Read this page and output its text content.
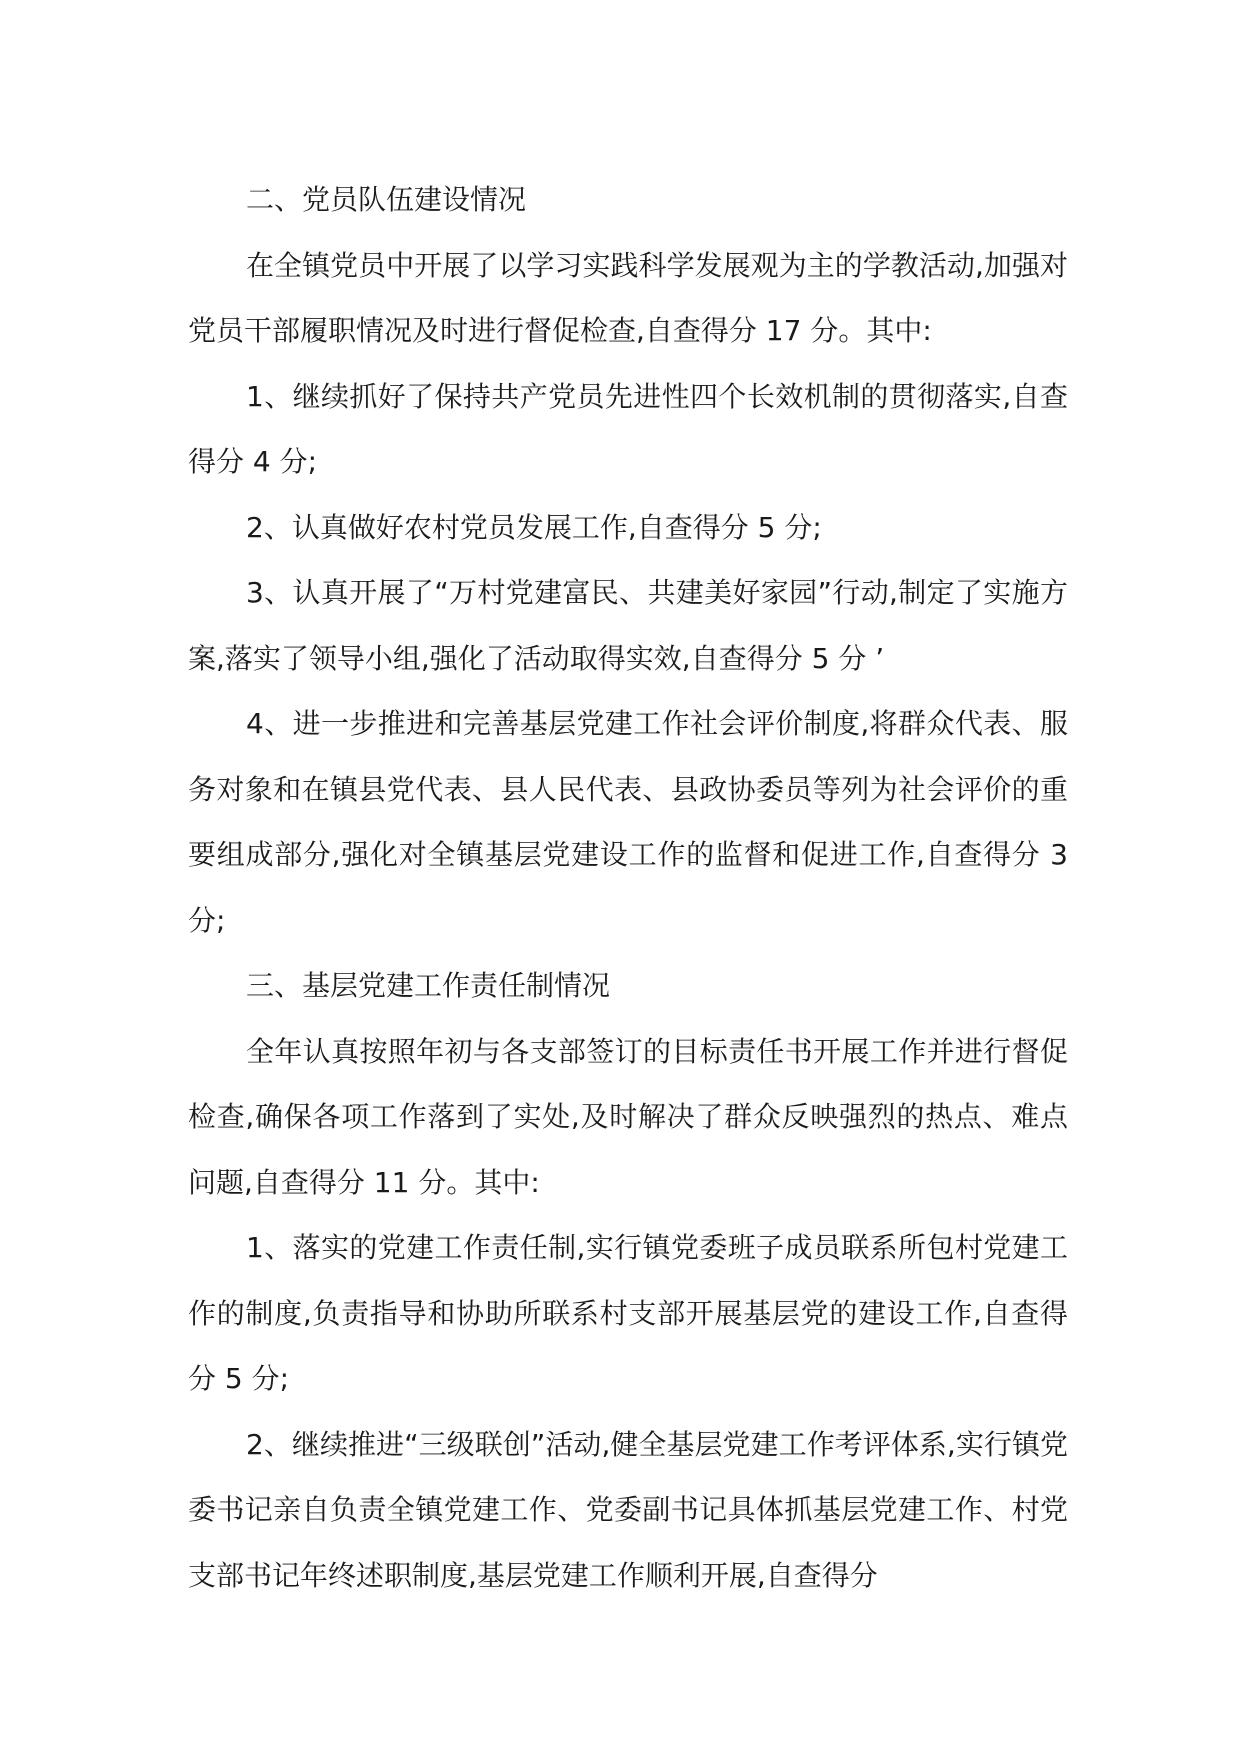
二、党员队伍建设情况

在全镇党员中开展了以学习实践科学发展观为主的学教活动,加强对党员干部履职情况及时进行督促检查,自查得分 17 分。其中:

1、继续抓好了保持共产党员先进性四个长效机制的贯彻落实,自查得分 4 分;

2、认真做好农村党员发展工作,自查得分 5 分;

3、认真开展了“万村党建富民、共建美好家园”行动,制定了实施方案,落实了领导小组,强化了活动取得实效,自查得分 5 分 ’

4、进一步推进和完善基层党建工作社会评价制度,将群众代表、服务对象和在镇县党代表、县人民代表、县政协委员等列为社会评价的重要组成部分,强化对全镇基层党建设工作的监督和促进工作,自查得分 3 分;

三、基层党建工作责任制情况

全年认真按照年初与各支部签订的目标责任书开展工作并进行督促检查,确保各项工作落到了实处,及时解决了群众反映强烈的热点、难点问题,自查得分 11 分。其中:

1、落实的党建工作责任制,实行镇党委班子成员联系所包村党建工作的制度,负责指导和协助所联系村支部开展基层党的建设工作,自查得分 5 分;

2、继续推进“三级联创”活动,健全基层党建工作考评体系,实行镇党委书记亲自负责全镇党建工作、党委副书记具体抓基层党建工作、村党支部书记年终述职制度,基层党建工作顺利开展,自查得分
